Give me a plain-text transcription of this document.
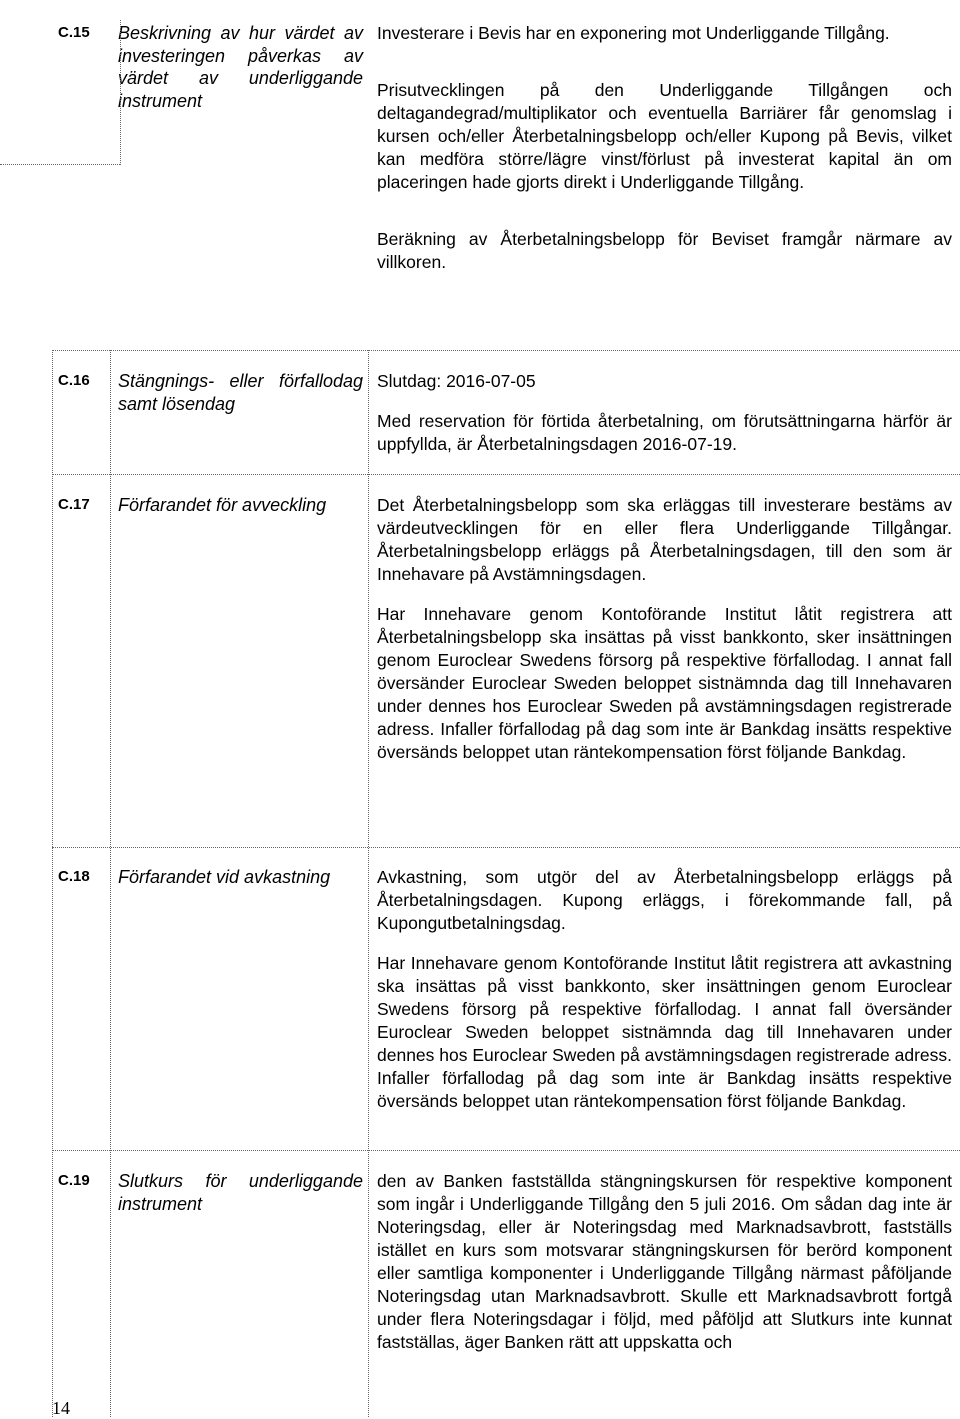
C.15 Beskrivning av hur värdet av investeringen påverkas av värdet av underliggande instrument

Investerare i Bevis har en exponering mot Underliggande Tillgång.

Prisutvecklingen på den Underliggande Tillgången och deltagandegrad/multiplikator och eventuella Barriärer får genomslag i kursen och/eller Återbetalningsbelopp och/eller Kupong på Bevis, vilket kan medföra större/lägre vinst/förlust på investerat kapital än om placeringen hade gjorts direkt i Underliggande Tillgång.

Beräkning av Återbetalningsbelopp för Beviset framgår närmare av villkoren.

C.16 Stängnings- eller förfallodag samt lösendag

Slutdag: 2016-07-05

Med reservation för förtida återbetalning, om förutsättningarna härför är uppfyllda, är Återbetalningsdagen 2016-07-19.

C.17 Förfarandet för avveckling	Det Återbetalningsbelopp som ska erläggas till investerare bestäms av värdeutvecklingen för en eller flera Underliggande Tillgångar. Återbetalningsbelopp erläggs på Återbetalningsdagen, till den som är Innehavare på Avstämningsdagen.

Har Innehavare genom Kontoförande Institut låtit registrera att Återbetalningsbelopp ska insättas på visst bankkonto, sker insättningen genom Euroclear Swedens försorg på respektive förfallodag. I annat fall översänder Euroclear Sweden beloppet sistnämnda dag till Innehavaren under dennes hos Euroclear Sweden på avstämningsdagen registrerade adress. Infaller förfallodag på dag som inte är Bankdag insätts respektive översänds beloppet utan räntekompensation först följande Bankdag.

C.18 Förfarandet vid avkastning	Avkastning, som utgör del av Återbetalningsbelopp erläggs på Återbetalningsdagen. Kupong erläggs, i förekommande fall, på Kupongutbetalningsdag.

Har Innehavare genom Kontoförande Institut låtit registrera att avkastning ska insättas på visst bankkonto, sker insättningen genom Euroclear Swedens försorg på respektive förfallodag. I annat fall översänder Euroclear Sweden beloppet sistnämnda dag till Innehavaren under dennes hos Euroclear Sweden på avstämningsdagen registrerade adress. Infaller förfallodag på dag som inte är Bankdag insätts respektive översänds beloppet utan räntekompensation först följande Bankdag.

C.19 Slutkurs för underliggande instrument

den av Banken fastställda stängningskursen för respektive komponent som ingår i Underliggande Tillgång den 5 juli 2016. Om sådan dag inte är Noteringsdag, eller är Noteringsdag med Marknadsavbrott, fastställs istället en kurs som motsvarar stängningskursen för berörd komponent eller samtliga komponenter i Underliggande Tillgång närmast påföljande Noteringsdag utan Marknadsavbrott. Skulle ett Marknadsavbrott fortgå under flera Noteringsdagar i följd, med påföljd att Slutkurs inte kunnat fastställas, äger Banken rätt att uppskatta och

14
